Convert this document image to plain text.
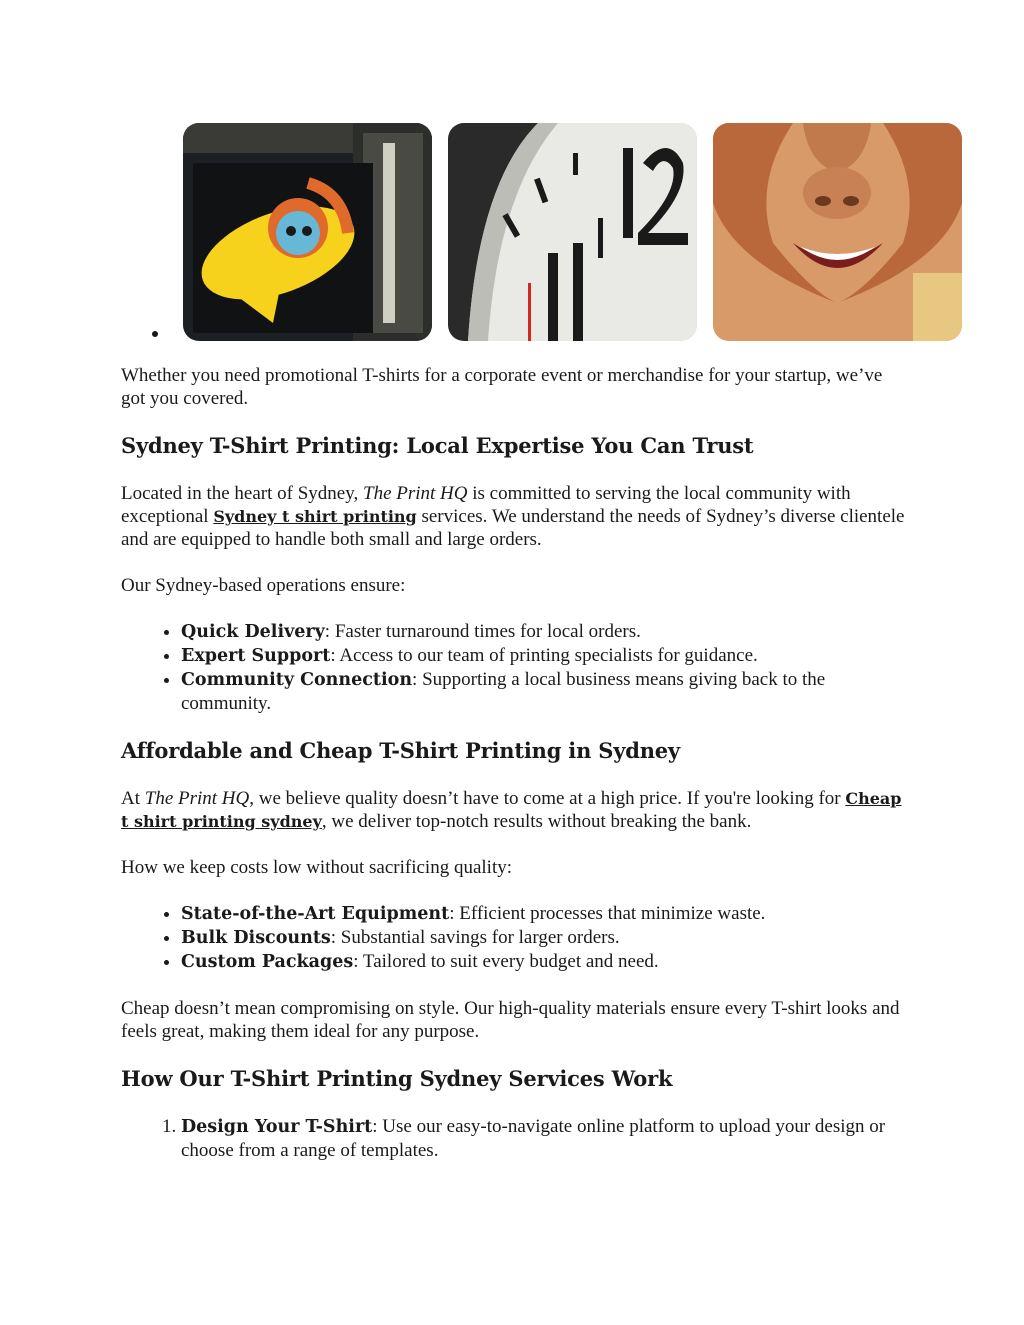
Whether you need promotional T-shirts for a corporate event or merchandise for your startup, we’ve got you covered.

Sydney T-Shirt Printing: Local Expertise You Can Trust

Located in the heart of Sydney, The Print HQ is committed to serving the local community with exceptional Sydney t shirt printing services. We understand the needs of Sydney’s diverse clientele and are equipped to handle both small and large orders.

Our Sydney-based operations ensure:

• Quick Delivery: Faster turnaround times for local orders.
• Expert Support: Access to our team of printing specialists for guidance.
• Community Connection: Supporting a local business means giving back to the community.
Affordable and Cheap T-Shirt Printing in Sydney

At The Print HQ, we believe quality doesn’t have to come at a high price. If you're looking for Cheap t shirt printing sydney, we deliver top-notch results without breaking the bank.

How we keep costs low without sacrificing quality:

• State-of-the-Art Equipment: Efficient processes that minimize waste.
• Bulk Discounts: Substantial savings for larger orders.
• Custom Packages: Tailored to suit every budget and need.

Cheap doesn’t mean compromising on style. Our high-quality materials ensure every T-shirt looks and feels great, making them ideal for any purpose.

How Our T-Shirt Printing Sydney Services Work
1. Design Your T-Shirt: Use our easy-to-navigate online platform to upload your design or choose from a range of templates.
